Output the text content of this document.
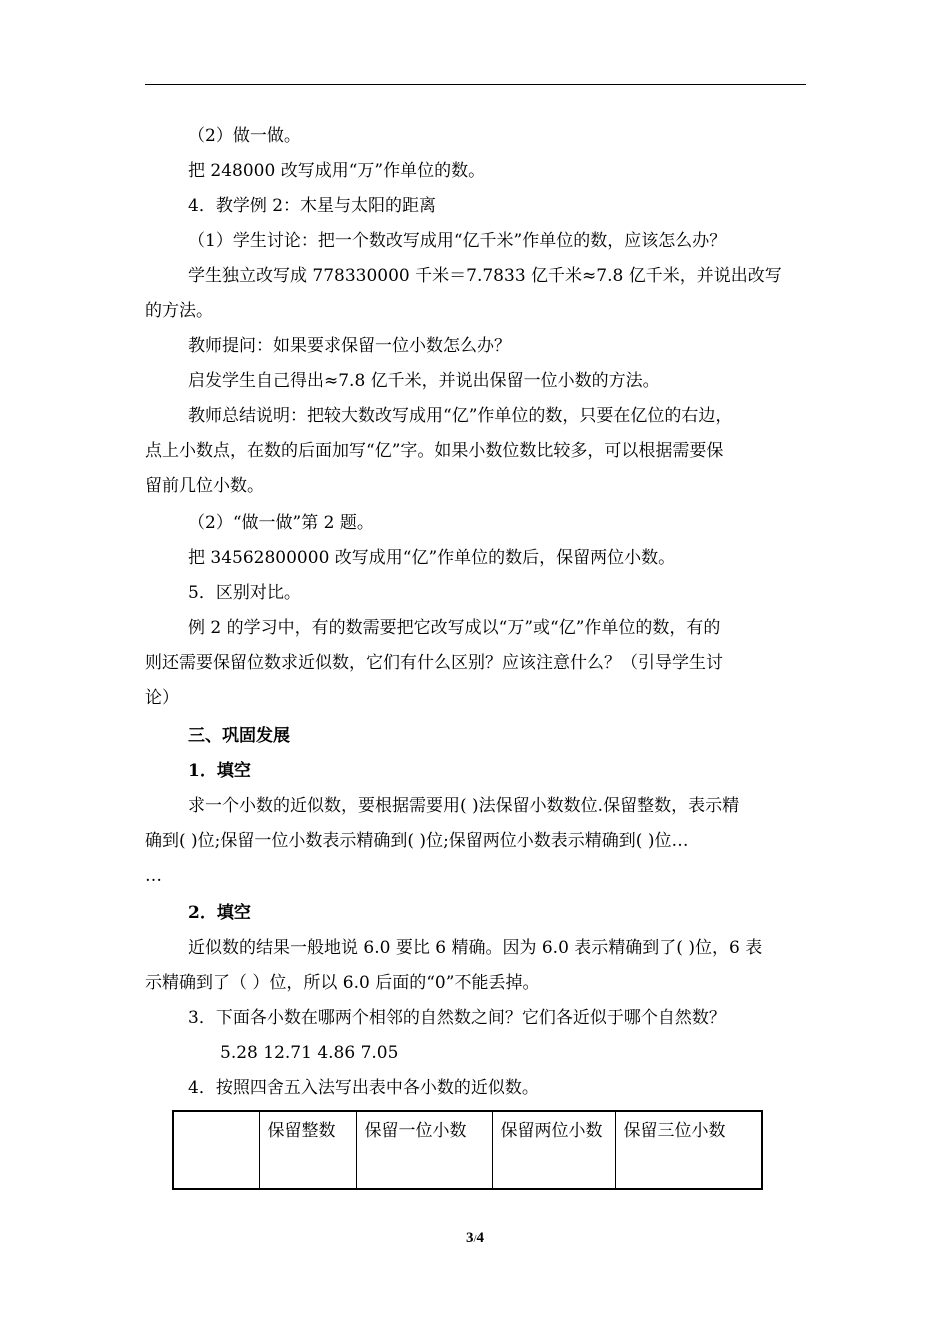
（2）做一做。
把 248000 改写成用“万”作单位的数。
4．教学例 2：木星与太阳的距离
（1）学生讨论：把一个数改写成用“亿千米”作单位的数，应该怎么办？
学生独立改写成 778330000 千米＝7.7833 亿千米≈7.8 亿千米，并说出改写
的方法。
教师提问：如果要求保留一位小数怎么办？
启发学生自己得出≈7.8 亿千米，并说出保留一位小数的方法。
教师总结说明：把较大数改写成用“亿”作单位的数，只要在亿位的右边，
点上小数点，在数的后面加写“亿”字。如果小数位数比较多，可以根据需要保
留前几位小数。
（2）“做一做”第 2 题。
把 34562800000 改写成用“亿”作单位的数后，保留两位小数。
5．区别对比。
例 2 的学习中，有的数需要把它改写成以“万”或“亿”作单位的数，有的
则还需要保留位数求近似数，它们有什么区别？应该注意什么？（引导学生讨
论）
三、巩固发展
1．填空
求一个小数的近似数，要根据需要用( )法保留小数数位.保留整数，表示精
确到( )位;保留一位小数表示精确到( )位;保留两位小数表示精确到( )位…
…
2．填空
近似数的结果一般地说 6.0 要比 6 精确。因为 6.0 表示精确到了( )位，6 表
示精确到了（ ）位，所以 6.0 后面的“0”不能丢掉。
3．下面各小数在哪两个相邻的自然数之间？它们各近似于哪个自然数？
5.28 12.71 4.86 7.05
4．按照四舍五入法写出表中各小数的近似数。
	保留整数	保留一位小数	保留两位小数	保留三位小数
3/4
